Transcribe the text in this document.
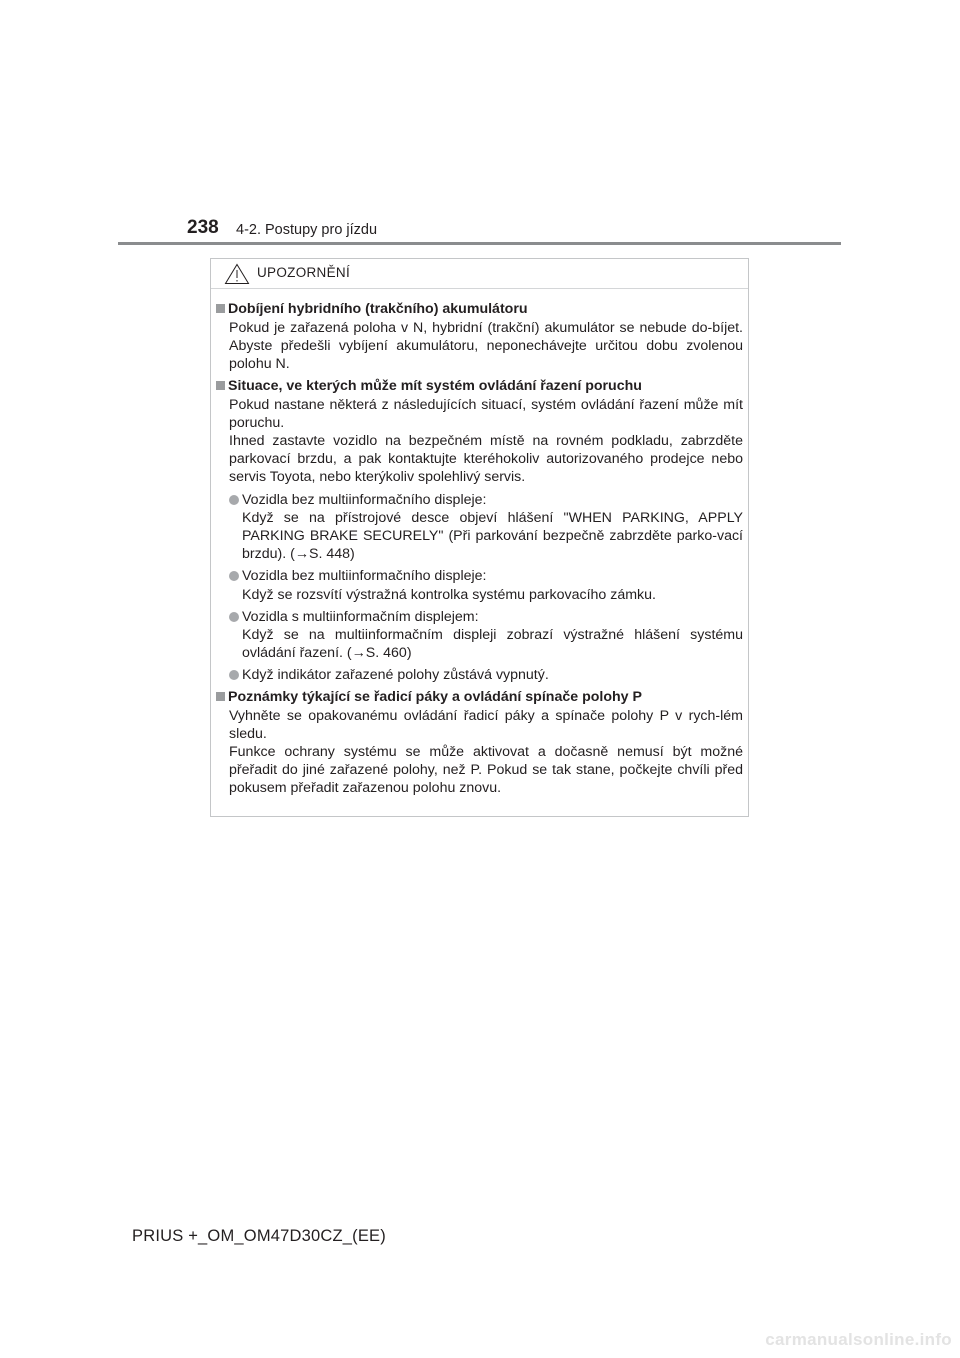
238 4-2. Postupy pro jízdu
UPOZORNĚNÍ
Dobíjení hybridního (trakčního) akumulátoru
Pokud je zařazená poloha v N, hybridní (trakční) akumulátor se nebude do-bíjet. Abyste předešli vybíjení akumulátoru, neponechávejte určitou dobu zvolenou polohu N.
Situace, ve kterých může mít systém ovládání řazení poruchu
Pokud nastane některá z následujících situací, systém ovládání řazení může mít poruchu.
Ihned zastavte vozidlo na bezpečném místě na rovném podkladu, zabrzděte parkovací brzdu, a pak kontaktujte kteréhokoliv autorizovaného prodejce nebo servis Toyota, nebo kterýkoliv spolehlivý servis.
Vozidla bez multiinformačního displeje:
Když se na přístrojové desce objeví hlášení "WHEN PARKING, APPLY PARKING BRAKE SECURELY" (Při parkování bezpečně zabrzděte parko-vací brzdu). (→S. 448)
Vozidla bez multiinformačního displeje:
Když se rozsvítí výstražná kontrolka systému parkovacího zámku.
Vozidla s multiinformačním displejem:
Když se na multiinformačním displeji zobrazí výstražné hlášení systému ovládání řazení. (→S. 460)
Když indikátor zařazené polohy zůstává vypnutý.
Poznámky týkající se řadicí páky a ovládání spínače polohy P
Vyhněte se opakovanému ovládání řadicí páky a spínače polohy P v rych-lém sledu.
Funkce ochrany systému se může aktivovat a dočasně nemusí být možné přeřadit do jiné zařazené polohy, než P. Pokud se tak stane, počkejte chvíli před pokusem přeřadit zařazenou polohu znovu.
PRIUS +_OM_OM47D30CZ_(EE)
carmanualsonline.info
